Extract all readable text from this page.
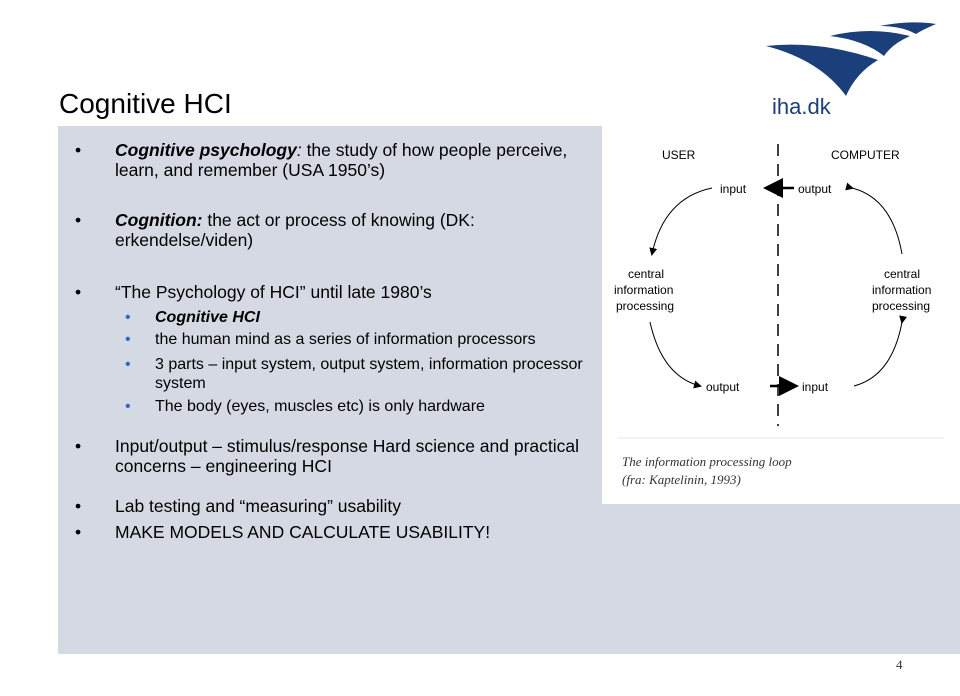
Cognitive HCI	iha.dk
• Cognitive psychology: the study of how people perceive, learn, and remember (USA 1950’s)
• Cognition: the act or process of knowing (DK: erkendelse/viden)
• “The Psychology of HCI” until late 1980’s
• Cognitive HCI
• the human mind as a series of information processors
• 3 parts – input system, output system, information processor system
• The body (eyes, muscles etc) is only hardware
• Input/output – stimulus/response Hard science and practical concerns – engineering HCI
• Lab testing and “measuring” usability
• MAKE MODELS AND CALCULATE USABILITY!
USER	COMPUTER
input	output
output	input
central information processing
central information processing
The information processing loop
(fra: Kaptelinin, 1993)
4
